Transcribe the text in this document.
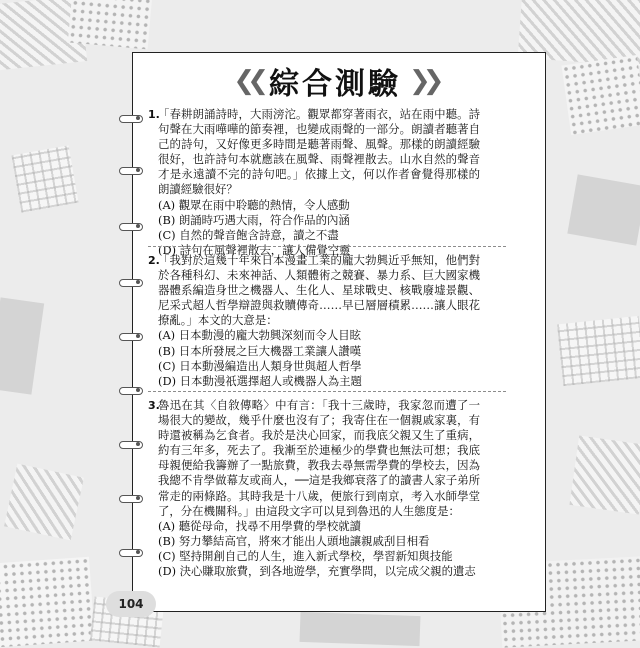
❮❮ 綜合測驗 ❯❯
1.
「春耕朗誦詩時，大雨滂沱。觀眾都穿著雨衣，站在雨中聽。詩句聲在大雨嘩嘩的節奏裡，也變成雨聲的一部分。朗讀者聽著自己的詩句，又好像更多時間是聽著雨聲、風聲。那樣的朗讀經驗很好，也許詩句本就應該在風聲、雨聲裡散去。山水自然的聲音才是永遠讀不完的詩句吧。」依據上文，何以作者會覺得那樣的朗讀經驗很好？
(A) 觀眾在雨中聆聽的熱情，令人感動
(B) 朗誦時巧遇大雨，符合作品的內涵
(C) 自然的聲音飽含詩意，讀之不盡
(D) 詩句在風聲裡散去，讓人備覺空靈
2.
「我對於這幾十年來日本漫畫工業的龐大勃興近乎無知，他們對於各種科幻、未來神話、人類體術之競賽、暴力系、巨大國家機器體系編造身世之機器人、生化人、星球戰史、核戰廢墟景觀、尼采式超人哲學辯證與救贖傳奇……早已層層積累……讓人眼花撩亂。」本文的大意是：
(A) 日本動漫的龐大勃興深刻而令人目眩
(B) 日本所發展之巨大機器工業讓人讚嘆
(C) 日本動漫編造出人類身世與超人哲學
(D) 日本動漫祇選擇超人或機器人為主題
3.
魯迅在其〈自敘傳略〉中有言：「我十三歲時，我家忽而遭了一場很大的變故，幾乎什麼也沒有了；我寄住在一個親戚家裏，有時還被稱為乞食者。我於是決心回家，而我底父親又生了重病，約有三年多，死去了。我漸至於連極少的學費也無法可想；我底母親便給我籌辦了一點旅費，教我去尋無需學費的學校去，因為我總不肯學做幕友或商人，──這是我鄉衰落了的讀書人家子弟所常走的兩條路。其時我是十八歲，便旅行到南京，考入水師學堂了，分在機關科。」由這段文字可以見到魯迅的人生態度是：
(A) 聽從母命，找尋不用學費的學校就讀
(B) 努力攀結高官，將來才能出人頭地讓親戚刮目相看
(C) 堅持開創自己的人生，進入新式學校，學習新知與技能
(D) 決心賺取旅費，到各地遊學，充實學問，以完成父親的遺志
104
